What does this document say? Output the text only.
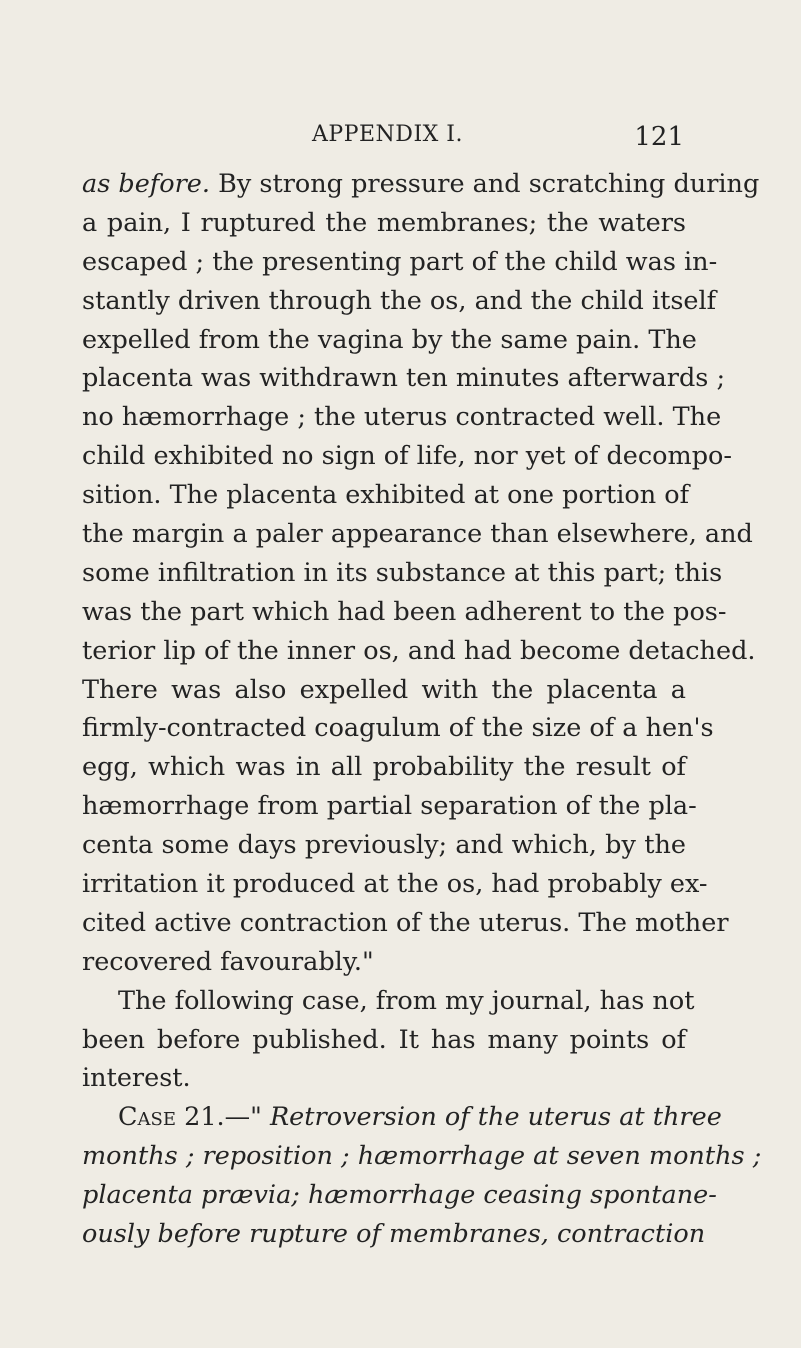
APPENDIX I.	121
as before. By strong pressure and scratching during
a pain, I ruptured the membranes; the waters
escaped ; the presenting part of the child was in-
stantly driven through the os, and the child itself
expelled from the vagina by the same pain. The
placenta was withdrawn ten minutes afterwards ;
no hæmorrhage ; the uterus contracted well. The
child exhibited no sign of life, nor yet of decompo-
sition. The placenta exhibited at one portion of
the margin a paler appearance than elsewhere, and
some infiltration in its substance at this part; this
was the part which had been adherent to the pos-
terior lip of the inner os, and had become detached.
There was also expelled with the placenta a
firmly-contracted coagulum of the size of a hen's
egg, which was in all probability the result of
hæmorrhage from partial separation of the pla-
centa some days previously; and which, by the
irritation it produced at the os, had probably ex-
cited active contraction of the uterus. The mother
recovered favourably."
The following case, from my journal, has not
been before published. It has many points of
interest.
Case 21.—" Retroversion of the uterus at three
months ; reposition ; hæmorrhage at seven months ;
placenta prævia; hæmorrhage ceasing spontane-
ously before rupture of membranes, contraction
